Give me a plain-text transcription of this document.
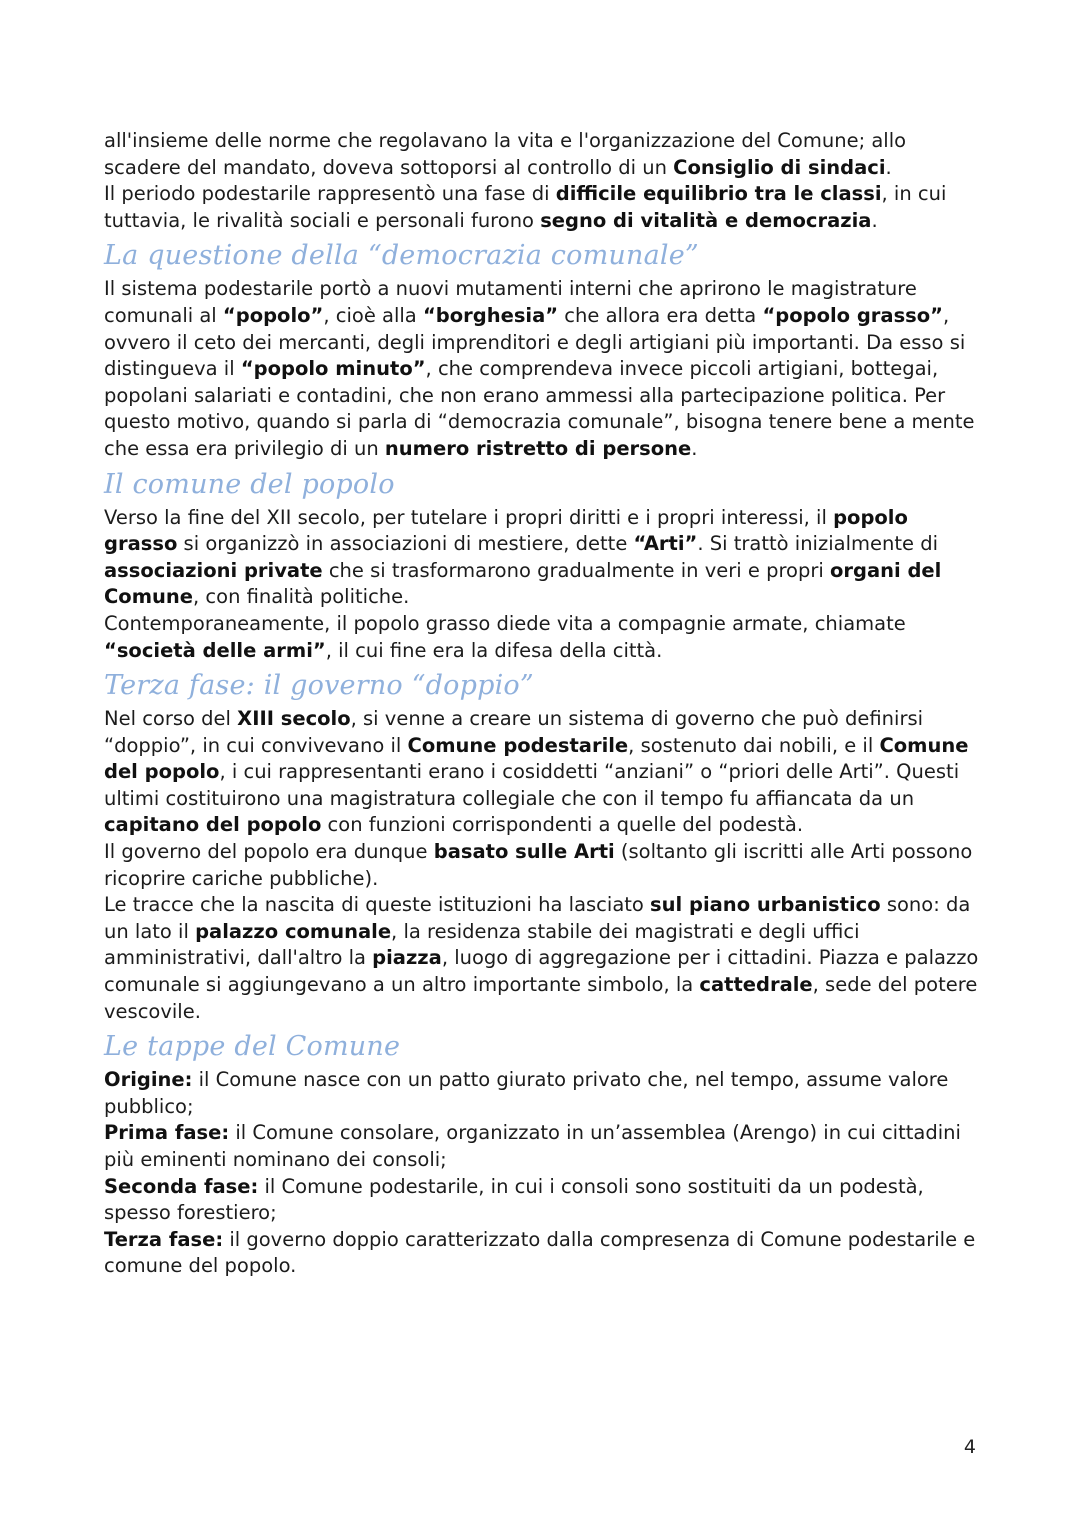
all'insieme delle norme che regolavano la vita e l'organizzazione del Comune; allo scadere del mandato, doveva sottoporsi al controllo di un Consiglio di sindaci.

Il periodo podestarile rappresentò una fase di difficile equilibrio tra le classi, in cui tuttavia, le rivalità sociali e personali furono segno di vitalità e democrazia.

La questione della “democrazia comunale”

Il sistema podestarile portò a nuovi mutamenti interni che aprirono le magistrature comunali al “popolo”, cioè alla “borghesia” che allora era detta “popolo grasso”, ovvero il ceto dei mercanti, degli imprenditori e degli artigiani più importanti. Da esso si distingueva il “popolo minuto”, che comprendeva invece piccoli artigiani, bottegai, popolani salariati e contadini, che non erano ammessi alla partecipazione politica. Per questo motivo, quando si parla di “democrazia comunale”, bisogna tenere bene a mente che essa era privilegio di un numero ristretto di persone.

Il comune del popolo

Verso la fine del XII secolo, per tutelare i propri diritti e i propri interessi, il popolo grasso si organizzò in associazioni di mestiere, dette “Arti”. Si trattò inizialmente di associazioni private che si trasformarono gradualmente in veri e propri organi del Comune, con finalità politiche.

Contemporaneamente, il popolo grasso diede vita a compagnie armate, chiamate “società delle armi”, il cui fine era la difesa della città.

Terza fase: il governo “doppio”

Nel corso del XIII secolo, si venne a creare un sistema di governo che può definirsi “doppio”, in cui convivevano il Comune podestarile, sostenuto dai nobili, e il Comune del popolo, i cui rappresentanti erano i cosiddetti “anziani” o “priori delle Arti”. Questi ultimi costituirono una magistratura collegiale che con il tempo fu affiancata da un capitano del popolo con funzioni corrispondenti a quelle del podestà.

Il governo del popolo era dunque basato sulle Arti (soltanto gli iscritti alle Arti possono ricoprire cariche pubbliche).

Le tracce che la nascita di queste istituzioni ha lasciato sul piano urbanistico sono: da un lato il palazzo comunale, la residenza stabile dei magistrati e degli uffici amministrativi, dall'altro la piazza, luogo di aggregazione per i cittadini. Piazza e palazzo comunale si aggiungevano a un altro importante simbolo, la cattedrale, sede del potere vescovile.

Le tappe del Comune

Origine: il Comune nasce con un patto giurato privato che, nel tempo, assume valore pubblico;

Prima fase: il Comune consolare, organizzato in un’assemblea (Arengo) in cui cittadini più eminenti nominano dei consoli;

Seconda fase: il Comune podestarile, in cui i consoli sono sostituiti da un podestà, spesso forestiero;

Terza fase: il governo doppio caratterizzato dalla compresenza di Comune podestarile e comune del popolo.

4
